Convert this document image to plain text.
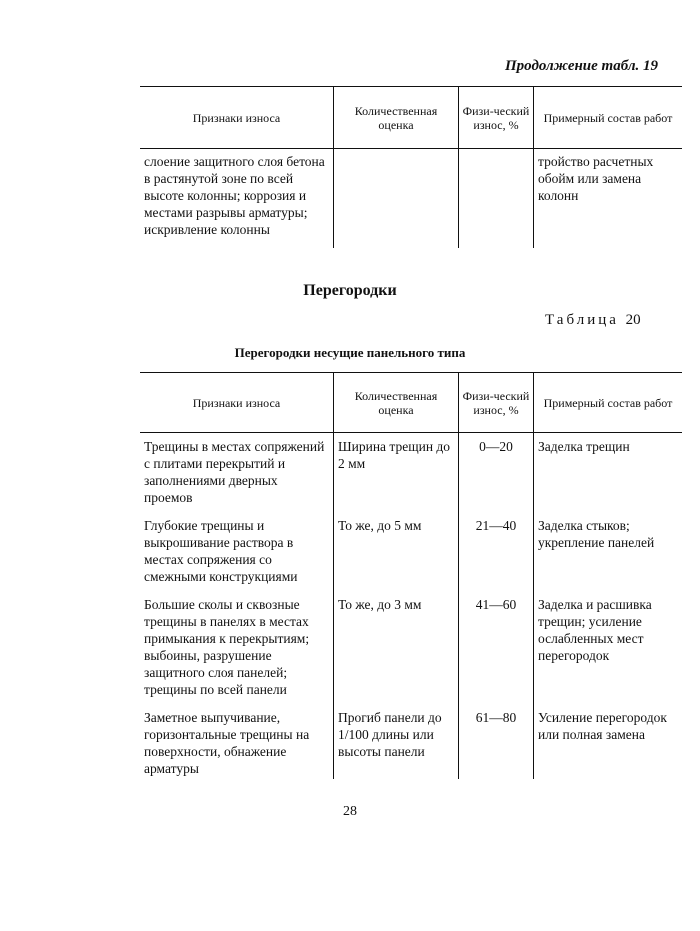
Продолжение табл. 19
Признаки износа	Количественная оценка	Физи-ческий износ, %	Примерный состав работ
слоение защитного слоя бетона в растянутой зоне по всей высоте колонны; коррозия и местами разрывы арматуры; искривление колонны			тройство расчетных обойм или замена колонн
Перегородки
Таблица 20
Перегородки несущие панельного типа
Признаки износа	Количественная оценка	Физи-ческий износ, %	Примерный состав работ
Трещины в местах сопряжений с плитами перекрытий и заполнениями дверных проемов	Ширина трещин до 2 мм	0—20	Заделка трещин
Глубокие трещины и выкрошивание раствора в местах сопряжения со смежными конструкциями	То же, до 5 мм	21—40	Заделка стыков; укрепление панелей
Большие сколы и сквозные трещины в панелях в местах примыкания к перекрытиям; выбоины, разрушение защитного слоя панелей; трещины по всей панели	То же, до 3 мм	41—60	Заделка и расшивка трещин; усиление ослабленных мест перегородок
Заметное выпучивание, горизонтальные трещины на поверхности, обнажение арматуры	Прогиб панели до 1/100 длины или высоты панели	61—80	Усиление перегородок или полная замена
28
